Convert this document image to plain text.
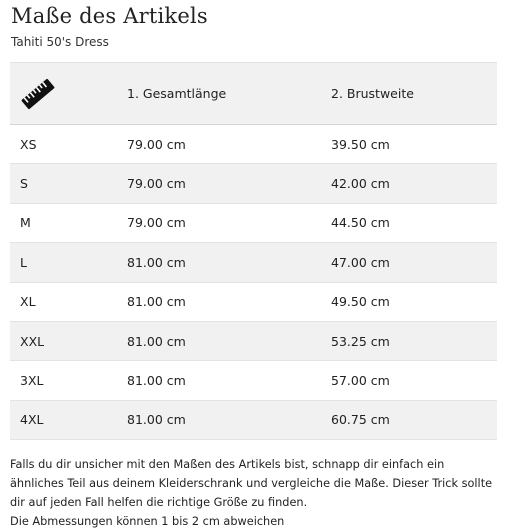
Maße des Artikels
Tahiti 50's Dress
	1. Gesamtlänge	2. Brustweite
XS	79.00 cm	39.50 cm
S	79.00 cm	42.00 cm
M	79.00 cm	44.50 cm
L	81.00 cm	47.00 cm
XL	81.00 cm	49.50 cm
XXL	81.00 cm	53.25 cm
3XL	81.00 cm	57.00 cm
4XL	81.00 cm	60.75 cm

Falls du dir unsicher mit den Maßen des Artikels bist, schnapp dir einfach ein ähnliches Teil aus deinem Kleiderschrank und vergleiche die Maße. Dieser Trick sollte dir auf jeden Fall helfen die richtige Größe zu finden.

Die Abmessungen können 1 bis 2 cm abweichen
